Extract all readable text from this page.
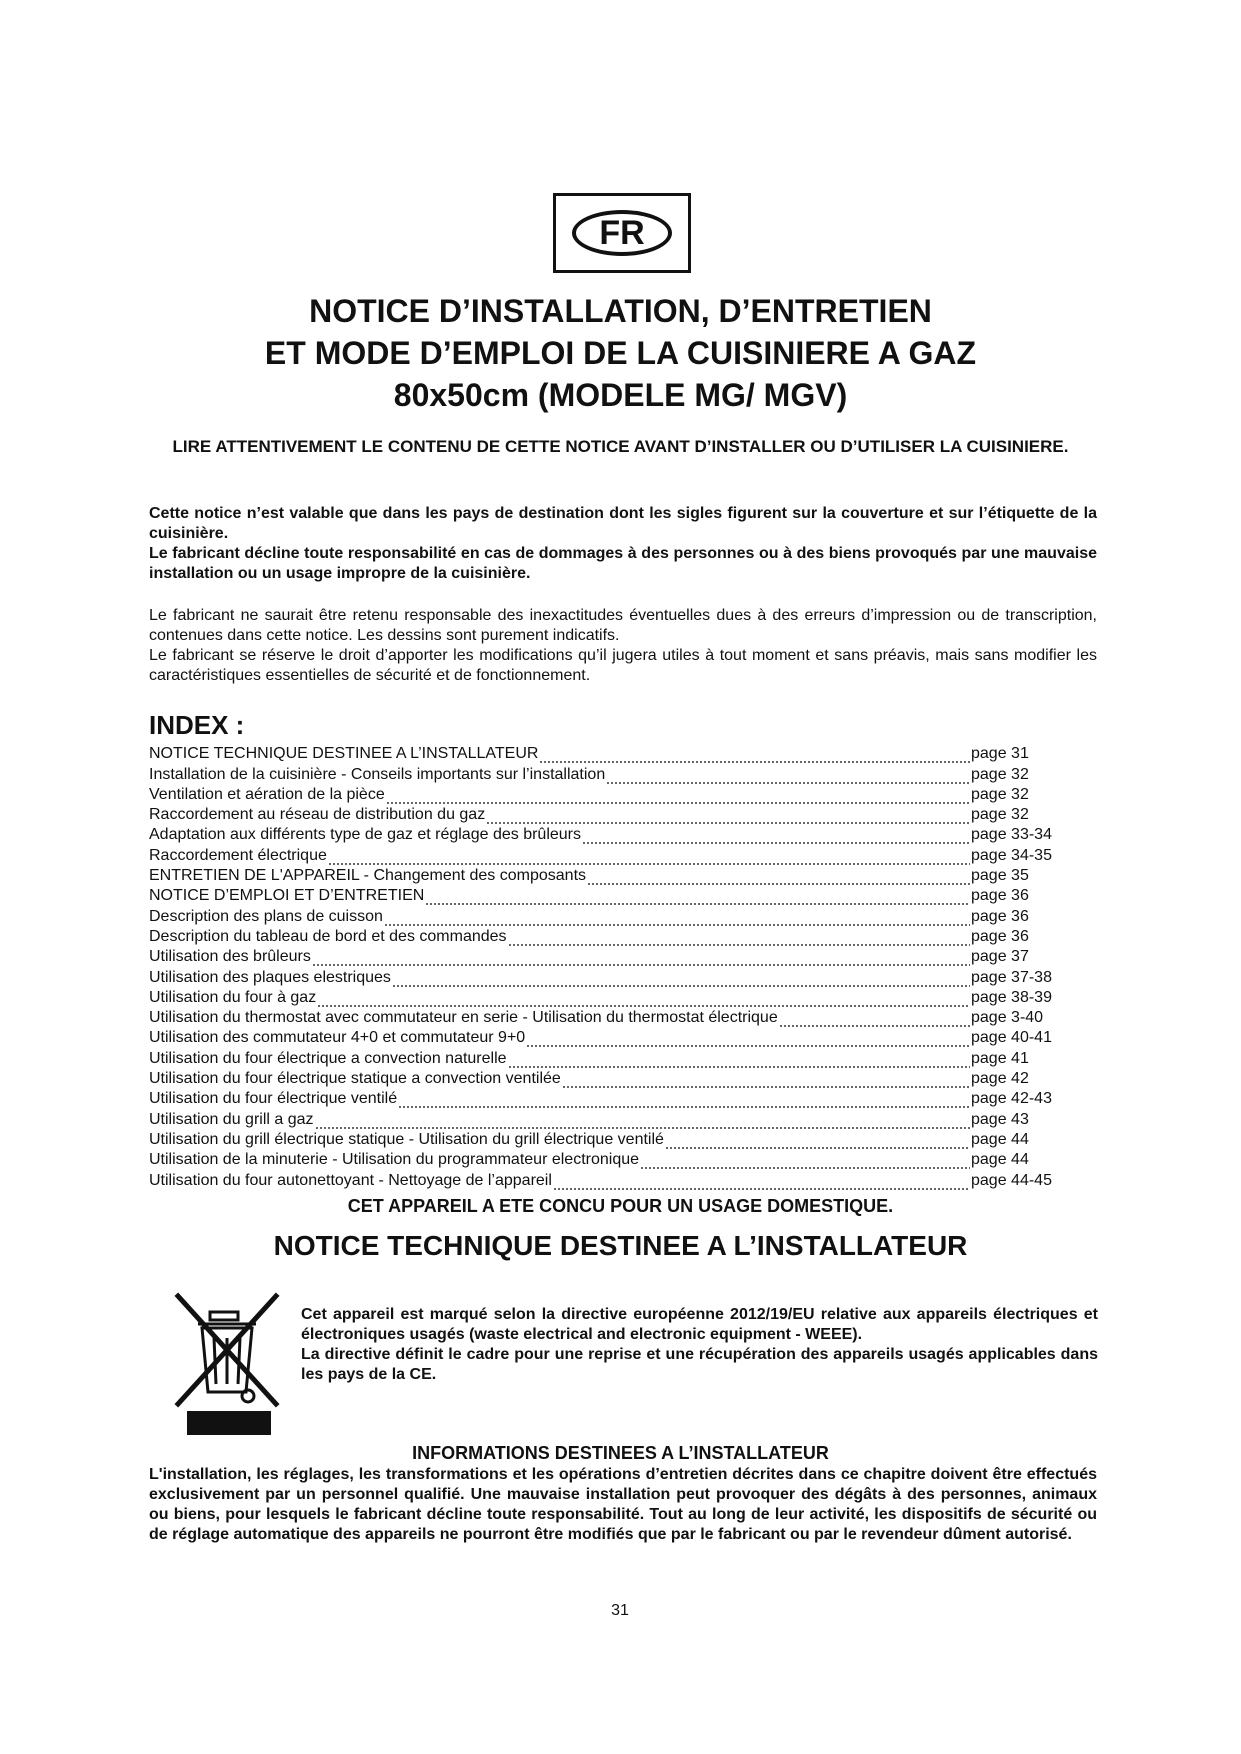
FR
NOTICE D’INSTALLATION, D’ENTRETIEN
ET MODE D’EMPLOI DE LA CUISINIERE A GAZ
80x50cm (MODELE MG/ MGV)
LIRE ATTENTIVEMENT LE CONTENU DE CETTE NOTICE AVANT D’INSTALLER OU D’UTILISER LA CUISINIERE.
Cette notice n’est valable que dans les pays de destination dont les sigles figurent sur la couverture et sur l’étiquette de la cuisinière.
Le fabricant décline toute responsabilité en cas de dommages à des personnes ou à des biens provoqués par une mauvaise installation ou un usage impropre de la cuisinière.
Le fabricant ne saurait être retenu responsable des inexactitudes éventuelles dues à des erreurs d’impression ou de transcription, contenues dans cette notice. Les dessins sont purement indicatifs.
Le fabricant se réserve le droit d’apporter les modifications qu’il jugera utiles à tout moment et sans préavis, mais sans modifier les caractéristiques essentielles de sécurité et de fonctionnement.
INDEX :
NOTICE TECHNIQUE DESTINEE A L’INSTALLATEUR	page 31
Installation de la cuisinière - Conseils importants sur l’installation	page 32
Ventilation et aération de la pièce	page 32
Raccordement au réseau de distribution du gaz	page 32
Adaptation aux différents type de gaz et réglage des brûleurs	page 33-34
Raccordement électrique	page 34-35
ENTRETIEN DE L'APPAREIL - Changement des composants	page 35
NOTICE D’EMPLOI ET D’ENTRETIEN	page 36
Description des plans de cuisson	page 36
Description du tableau de bord et des commandes	page 36
Utilisation des brûleurs	page 37
Utilisation des plaques elestriques	page 37-38
Utilisation du four à gaz	page 38-39
Utilisation du thermostat avec commutateur en serie - Utilisation du thermostat électrique	page 3-40
Utilisation des commutateur 4+0 et commutateur 9+0	page 40-41
Utilisation du four électrique a convection naturelle	page 41
Utilisation du four électrique statique a convection ventilée	page 42
Utilisation du four électrique ventilé	page 42-43
Utilisation du grill a gaz	page 43
Utilisation du grill électrique statique - Utilisation du grill électrique ventilé	page 44
Utilisation de la minuterie - Utilisation du programmateur electronique	page 44
Utilisation du four autonettoyant - Nettoyage de l’appareil	page 44-45
CET APPAREIL A ETE CONCU POUR UN USAGE DOMESTIQUE.
NOTICE TECHNIQUE DESTINEE A L’INSTALLATEUR
Cet appareil est marqué selon la directive européenne 2012/19/EU relative aux appareils électriques et électroniques usagés (waste electrical and electronic equipment - WEEE).
La directive définit le cadre pour une reprise et une récupération des appareils usagés applicables dans les pays de la CE.
INFORMATIONS DESTINEES A L’INSTALLATEUR
L'installation, les réglages, les transformations et les opérations d’entretien décrites dans ce chapitre doivent être effectués exclusivement par un personnel qualifié. Une mauvaise installation peut provoquer des dégâts à des personnes, animaux ou biens, pour lesquels le fabricant décline toute responsabilité. Tout au long de leur activité, les dispositifs de sécurité ou de réglage automatique des appareils ne pourront être modifiés que par le fabricant ou par le revendeur dûment autorisé.
31
